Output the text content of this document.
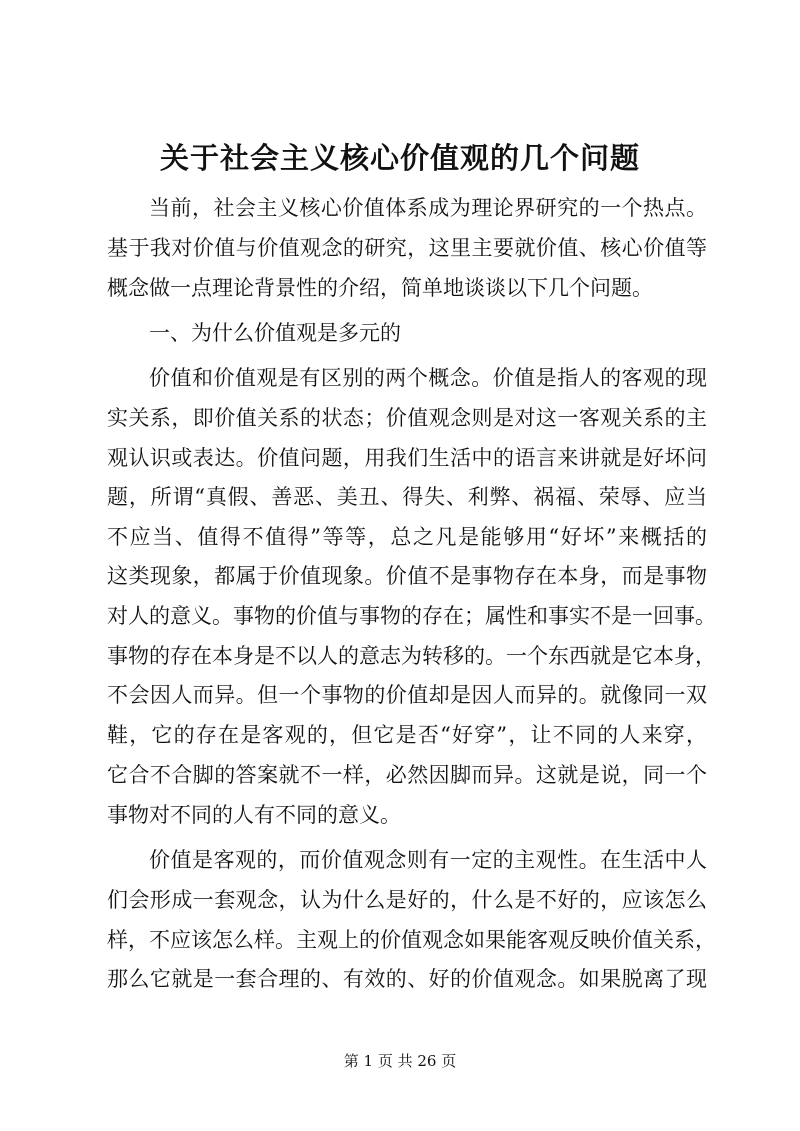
关于社会主义核心价值观的几个问题
当前，社会主义核心价值体系成为理论界研究的一个热点。
基于我对价值与价值观念的研究，这里主要就价值、核心价值等
概念做一点理论背景性的介绍，简单地谈谈以下几个问题。
一、为什么价值观是多元的
价值和价值观是有区别的两个概念。价值是指人的客观的现
实关系，即价值关系的状态；价值观念则是对这一客观关系的主
观认识或表达。价值问题，用我们生活中的语言来讲就是好坏问
题，所谓“真假、善恶、美丑、得失、利弊、祸福、荣辱、应当
不应当、值得不值得”等等，总之凡是能够用“好坏”来概括的
这类现象，都属于价值现象。价值不是事物存在本身，而是事物
对人的意义。事物的价值与事物的存在；属性和事实不是一回事。
事物的存在本身是不以人的意志为转移的。一个东西就是它本身，
不会因人而异。但一个事物的价值却是因人而异的。就像同一双
鞋，它的存在是客观的，但它是否“好穿”，让不同的人来穿，
它合不合脚的答案就不一样，必然因脚而异。这就是说，同一个
事物对不同的人有不同的意义。
价值是客观的，而价值观念则有一定的主观性。在生活中人
们会形成一套观念，认为什么是好的，什么是不好的，应该怎么
样，不应该怎么样。主观上的价值观念如果能客观反映价值关系，
那么它就是一套合理的、有效的、好的价值观念。如果脱离了现
第 1 页 共 26 页
